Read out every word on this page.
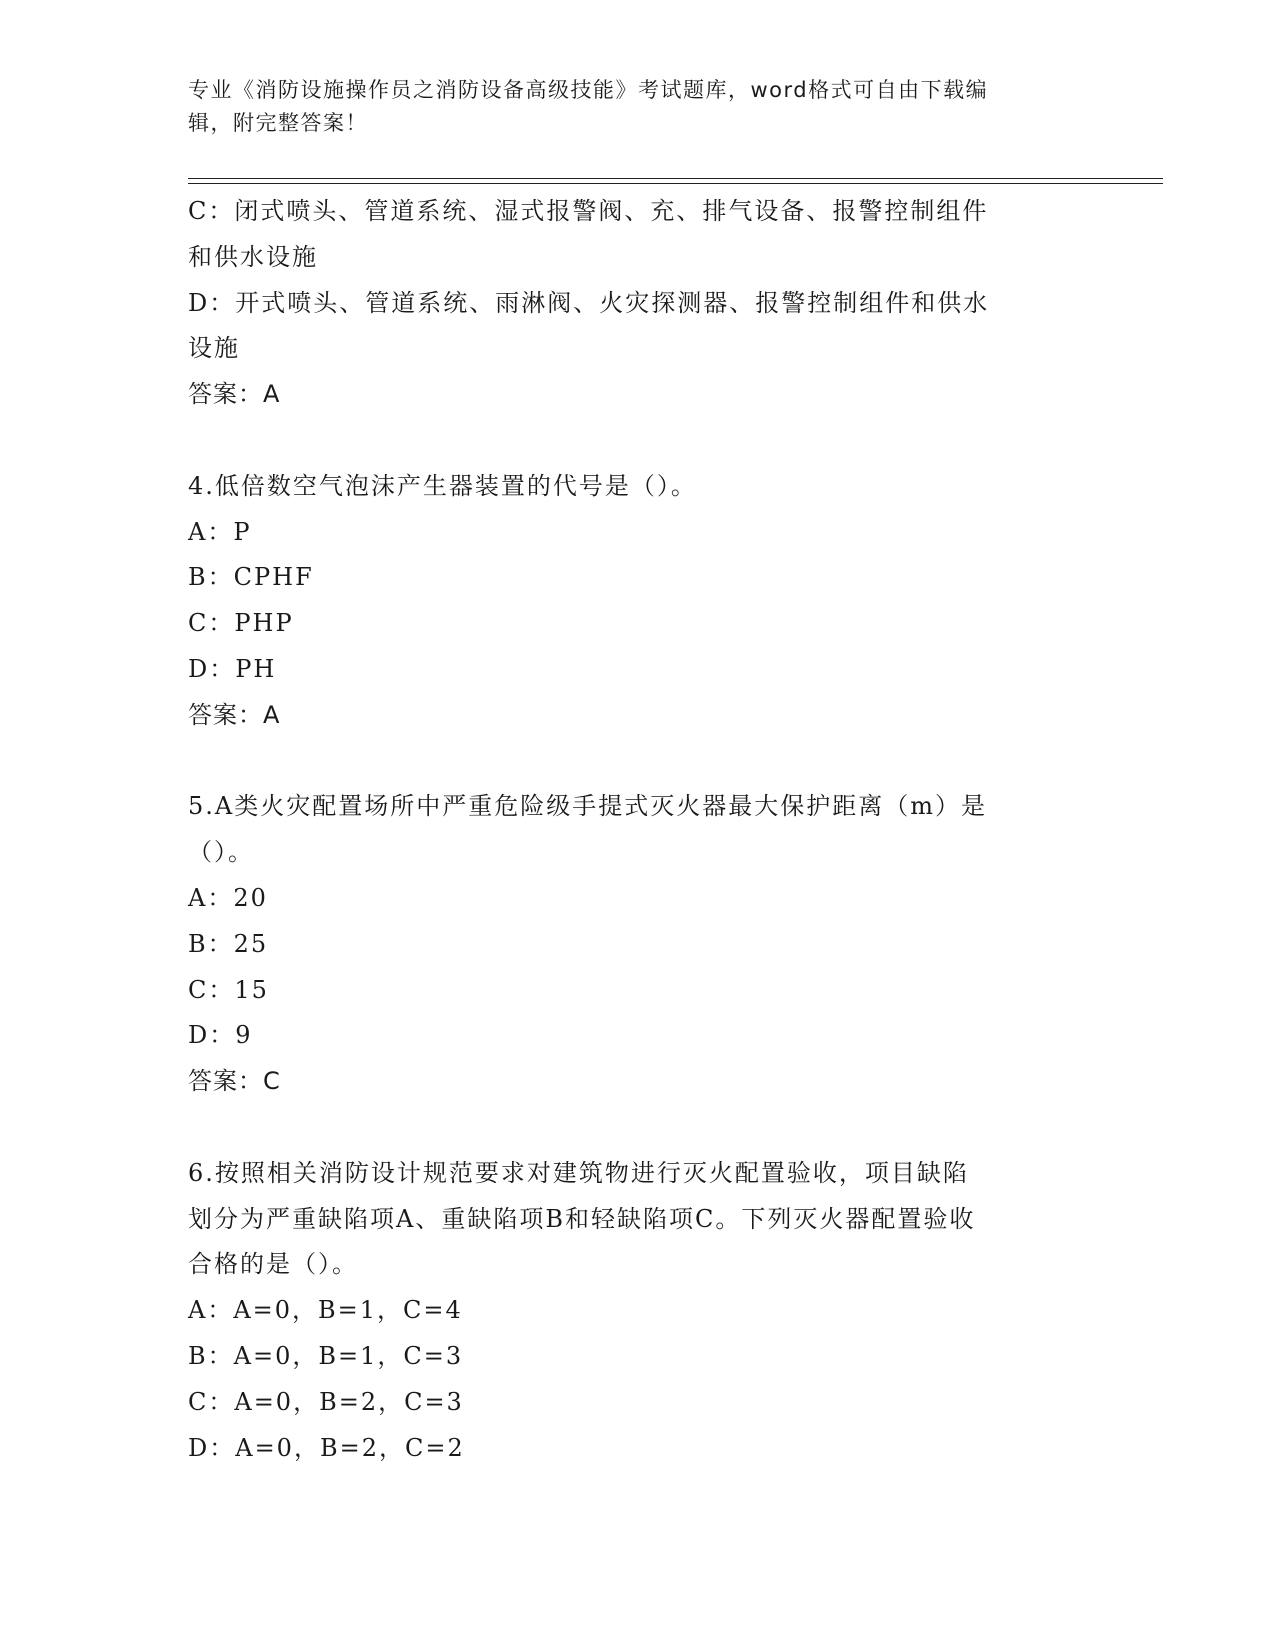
专业《消防设施操作员之消防设备高级技能》考试题库，word格式可自由下载编
辑，附完整答案！
C：闭式喷头、管道系统、湿式报警阀、充、排气设备、报警控制组件
和供水设施
D：开式喷头、管道系统、雨淋阀、火灾探测器、报警控制组件和供水
设施
答案：A
4.低倍数空气泡沫产生器装置的代号是（）。
A：P
B：CPHF
C：PHP
D：PH
答案：A
5.A类火灾配置场所中严重危险级手提式灭火器最大保护距离（m）是
（）。
A：20
B：25
C：15
D：9
答案：C
6.按照相关消防设计规范要求对建筑物进行灭火配置验收，项目缺陷
划分为严重缺陷项A、重缺陷项B和轻缺陷项C。下列灭火器配置验收
合格的是（）。
A：A=0，B=1，C=4
B：A=0，B=1，C=3
C：A=0，B=2，C=3
D：A=0，B=2，C=2
